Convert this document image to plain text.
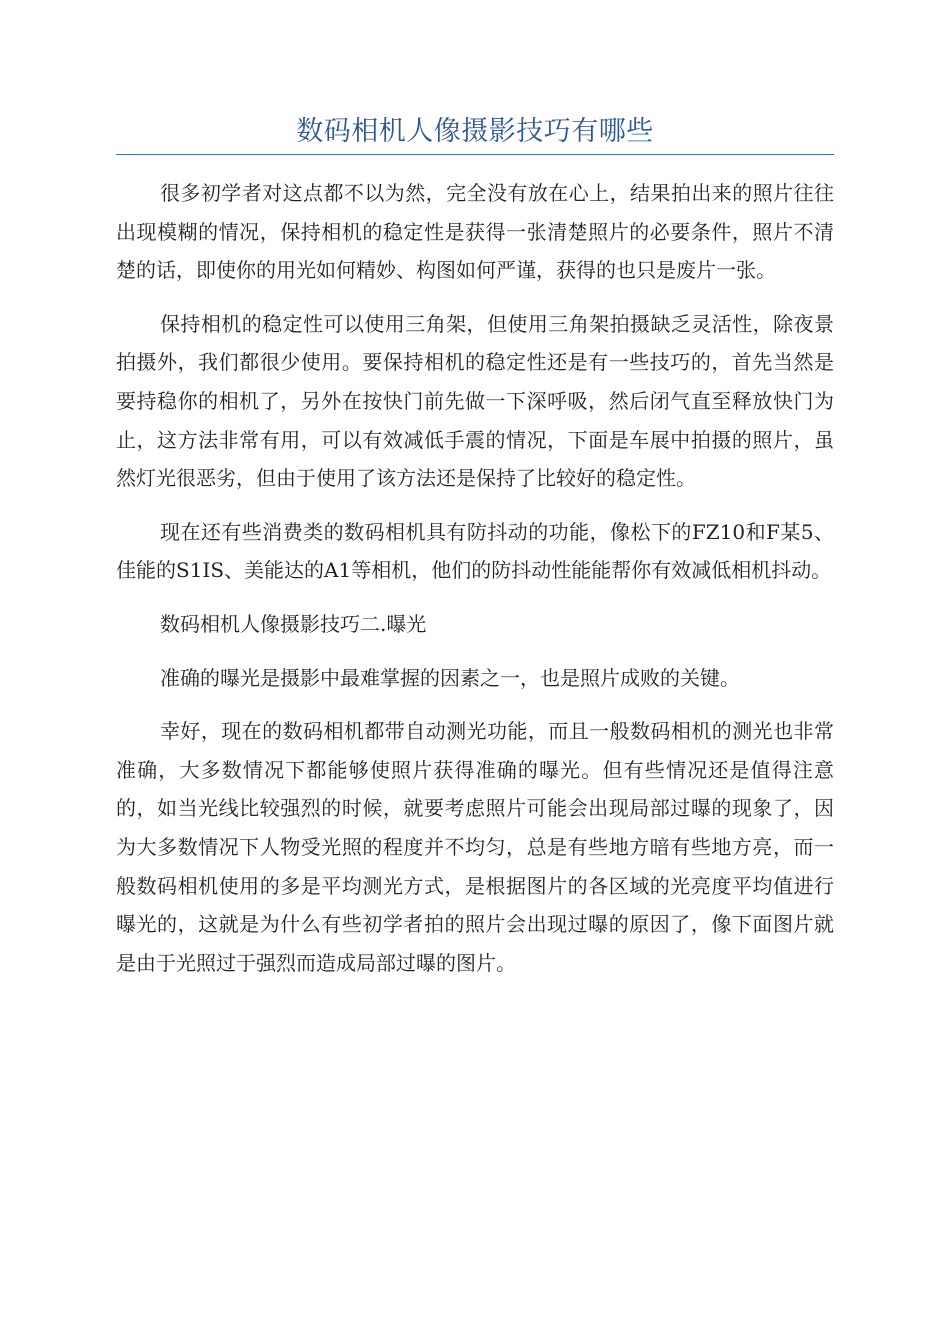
数码相机人像摄影技巧有哪些

很多初学者对这点都不以为然，完全没有放在心上，结果拍出来的照片往往出现模糊的情况，保持相机的稳定性是获得一张清楚照片的必要条件，照片不清楚的话，即使你的用光如何精妙、构图如何严谨，获得的也只是废片一张。

保持相机的稳定性可以使用三角架，但使用三角架拍摄缺乏灵活性，除夜景拍摄外，我们都很少使用。要保持相机的稳定性还是有一些技巧的，首先当然是要持稳你的相机了，另外在按快门前先做一下深呼吸，然后闭气直至释放快门为止，这方法非常有用，可以有效减低手震的情况，下面是车展中拍摄的照片，虽然灯光很恶劣，但由于使用了该方法还是保持了比较好的稳定性。

现在还有些消费类的数码相机具有防抖动的功能，像松下的FZ10和F某5、佳能的S1IS、美能达的A1等相机，他们的防抖动性能能帮你有效减低相机抖动。

数码相机人像摄影技巧二.曝光

准确的曝光是摄影中最难掌握的因素之一，也是照片成败的关键。

幸好，现在的数码相机都带自动测光功能，而且一般数码相机的测光也非常准确，大多数情况下都能够使照片获得准确的曝光。但有些情况还是值得注意的，如当光线比较强烈的时候，就要考虑照片可能会出现局部过曝的现象了，因为大多数情况下人物受光照的程度并不均匀，总是有些地方暗有些地方亮，而一般数码相机使用的多是平均测光方式，是根据图片的各区域的光亮度平均值进行曝光的，这就是为什么有些初学者拍的照片会出现过曝的原因了，像下面图片就是由于光照过于强烈而造成局部过曝的图片。
